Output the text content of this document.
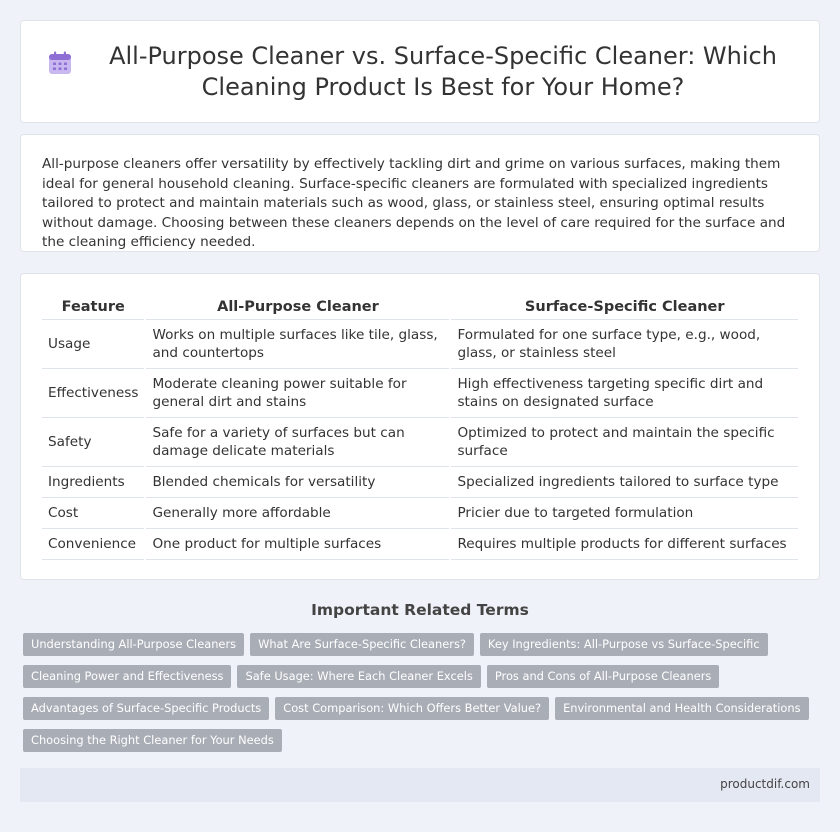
All-Purpose Cleaner vs. Surface-Specific Cleaner: Which Cleaning Product Is Best for Your Home?

All-purpose cleaners offer versatility by effectively tackling dirt and grime on various surfaces, making them ideal for general household cleaning. Surface-specific cleaners are formulated with specialized ingredients tailored to protect and maintain materials such as wood, glass, or stainless steel, ensuring optimal results without damage. Choosing between these cleaners depends on the level of care required for the surface and the cleaning efficiency needed.

Feature	All-Purpose Cleaner	Surface-Specific Cleaner
Usage	Works on multiple surfaces like tile, glass, and countertops	Formulated for one surface type, e.g., wood, glass, or stainless steel
Effectiveness	Moderate cleaning power suitable for general dirt and stains	High effectiveness targeting specific dirt and stains on designated surface
Safety	Safe for a variety of surfaces but can damage delicate materials	Optimized to protect and maintain the specific surface
Ingredients	Blended chemicals for versatility	Specialized ingredients tailored to surface type
Cost	Generally more affordable	Pricier due to targeted formulation
Convenience	One product for multiple surfaces	Requires multiple products for different surfaces
Important Related Terms
Understanding All-Purpose Cleaners	What Are Surface-Specific Cleaners?	Key Ingredients: All-Purpose vs Surface-Specific
Cleaning Power and Effectiveness	Safe Usage: Where Each Cleaner Excels	Pros and Cons of All-Purpose Cleaners
Advantages of Surface-Specific Products	Cost Comparison: Which Offers Better Value?	Environmental and Health Considerations
Choosing the Right Cleaner for Your Needs
productdif.com
